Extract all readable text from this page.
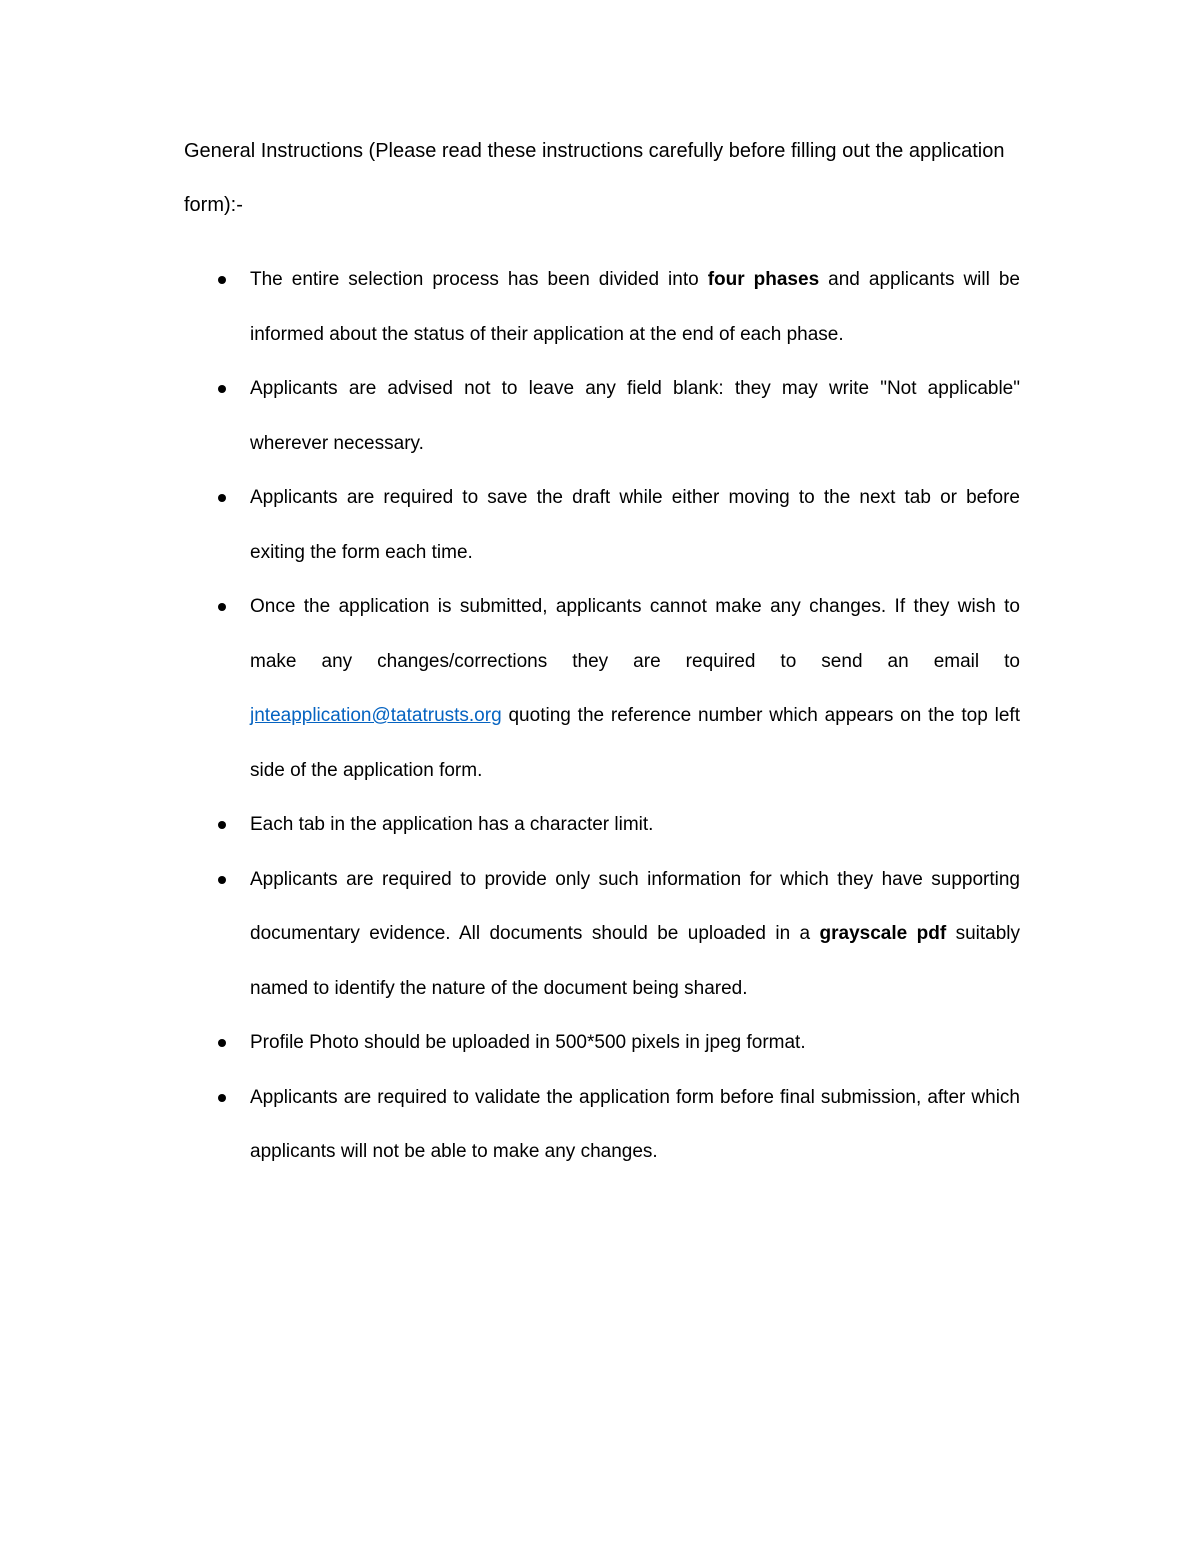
General Instructions (Please read these instructions carefully before filling out the application form):-

The entire selection process has been divided into four phases and applicants will be informed about the status of their application at the end of each phase.
Applicants are advised not to leave any field blank: they may write "Not applicable" wherever necessary.
Applicants are required to save the draft while either moving to the next tab or before exiting the form each time.
Once the application is submitted, applicants cannot make any changes. If they wish to make any changes/corrections they are required to send an email to jnteapplication@tatatrusts.org quoting the reference number which appears on the top left side of the application form.
Each tab in the application has a character limit.
Applicants are required to provide only such information for which they have supporting documentary evidence. All documents should be uploaded in a grayscale pdf suitably named to identify the nature of the document being shared.
Profile Photo should be uploaded in 500*500 pixels in jpeg format.
Applicants are required to validate the application form before final submission, after which applicants will not be able to make any changes.
